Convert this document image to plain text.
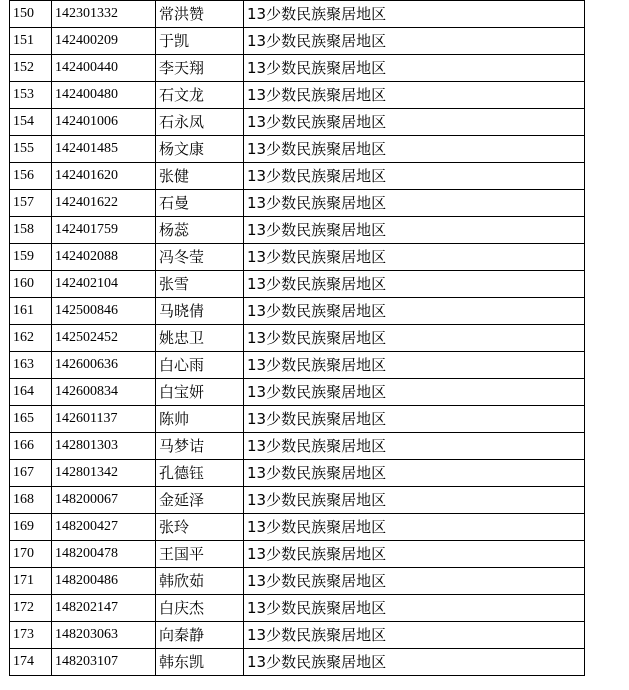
150	142301332	常洪赞	13少数民族聚居地区
151	142400209	于凯	13少数民族聚居地区
152	142400440	李天翔	13少数民族聚居地区
153	142400480	石文龙	13少数民族聚居地区
154	142401006	石永凤	13少数民族聚居地区
155	142401485	杨文康	13少数民族聚居地区
156	142401620	张健	13少数民族聚居地区
157	142401622	石曼	13少数民族聚居地区
158	142401759	杨蕊	13少数民族聚居地区
159	142402088	冯冬莹	13少数民族聚居地区
160	142402104	张雪	13少数民族聚居地区
161	142500846	马晓倩	13少数民族聚居地区
162	142502452	姚忠卫	13少数民族聚居地区
163	142600636	白心雨	13少数民族聚居地区
164	142600834	白宝妍	13少数民族聚居地区
165	142601137	陈帅	13少数民族聚居地区
166	142801303	马梦诘	13少数民族聚居地区
167	142801342	孔德钰	13少数民族聚居地区
168	148200067	金延泽	13少数民族聚居地区
169	148200427	张玲	13少数民族聚居地区
170	148200478	王国平	13少数民族聚居地区
171	148200486	韩欣茹	13少数民族聚居地区
172	148202147	白庆杰	13少数民族聚居地区
173	148203063	向秦静	13少数民族聚居地区
174	148203107	韩东凯	13少数民族聚居地区
